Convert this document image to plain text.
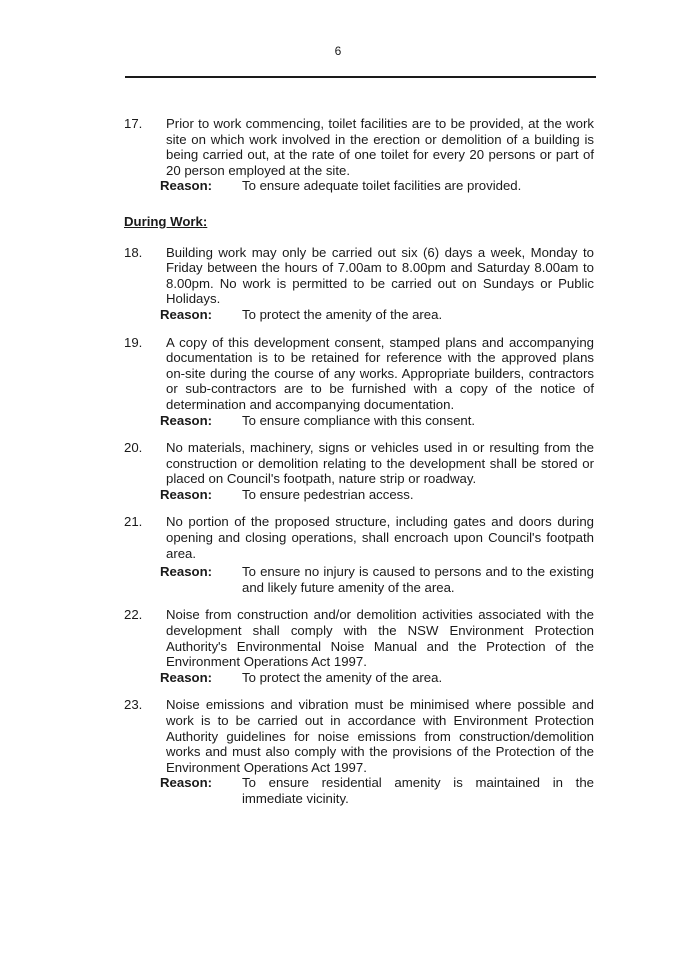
6
17. Prior to work commencing, toilet facilities are to be provided, at the work site on which work involved in the erection or demolition of a building is being carried out, at the rate of one toilet for every 20 persons or part of 20 person employed at the site.
Reason: To ensure adequate toilet facilities are provided.
During Work:
18. Building work may only be carried out six (6) days a week, Monday to Friday between the hours of 7.00am to 8.00pm and Saturday 8.00am to 8.00pm. No work is permitted to be carried out on Sundays or Public Holidays.
Reason: To protect the amenity of the area.
19. A copy of this development consent, stamped plans and accompanying documentation is to be retained for reference with the approved plans on-site during the course of any works. Appropriate builders, contractors or sub-contractors are to be furnished with a copy of the notice of determination and accompanying documentation.
Reason: To ensure compliance with this consent.
20. No materials, machinery, signs or vehicles used in or resulting from the construction or demolition relating to the development shall be stored or placed on Council's footpath, nature strip or roadway.
Reason: To ensure pedestrian access.
21. No portion of the proposed structure, including gates and doors during opening and closing operations, shall encroach upon Council's footpath area.
Reason: To ensure no injury is caused to persons and to the existing and likely future amenity of the area.
22. Noise from construction and/or demolition activities associated with the development shall comply with the NSW Environment Protection Authority's Environmental Noise Manual and the Protection of the Environment Operations Act 1997.
Reason: To protect the amenity of the area.
23. Noise emissions and vibration must be minimised where possible and work is to be carried out in accordance with Environment Protection Authority guidelines for noise emissions from construction/demolition works and must also comply with the provisions of the Protection of the Environment Operations Act 1997.
Reason: To ensure residential amenity is maintained in the immediate vicinity.
